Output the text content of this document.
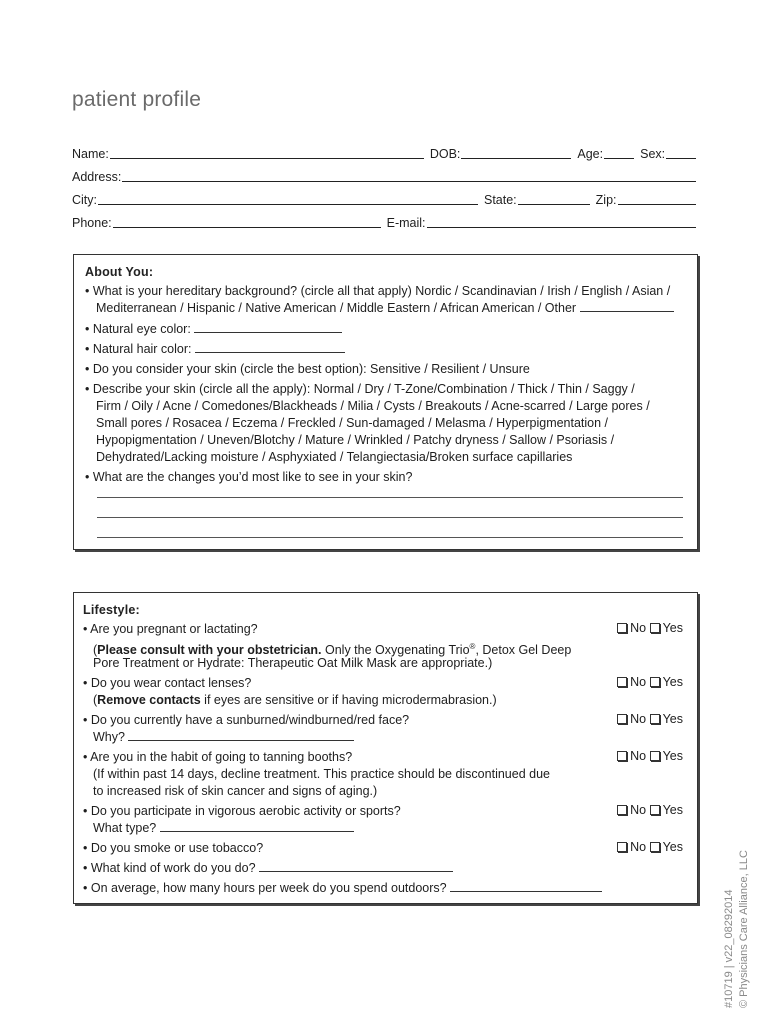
patient profile
Name:	DOB:	Age:	Sex:
Address:
City:	State:	Zip:
Phone:	E-mail:
About You:
• What is your hereditary background? (circle all that apply) Nordic / Scandinavian / Irish / English / Asian /
Mediterranean / Hispanic / Native American / Middle Eastern / African American / Other
• Natural eye color:
• Natural hair color:
• Do you consider your skin (circle the best option): Sensitive / Resilient / Unsure
• Describe your skin (circle all the apply): Normal / Dry / T-Zone/Combination / Thick / Thin / Saggy /
Firm / Oily / Acne / Comedones/Blackheads / Milia / Cysts / Breakouts / Acne-scarred / Large pores /
Small pores / Rosacea / Eczema / Freckled / Sun-damaged / Melasma / Hyperpigmentation /
Hypopigmentation / Uneven/Blotchy / Mature / Wrinkled / Patchy dryness / Sallow / Psoriasis /
Dehydrated/Lacking moisture / Asphyxiated / Telangiectasia/Broken surface capillaries
• What are the changes you’d most like to see in your skin?
Lifestyle:
• Are you pregnant or lactating?	No Yes
(Please consult with your obstetrician. Only the Oxygenating Trio®, Detox Gel Deep
Pore Treatment or Hydrate: Therapeutic Oat Milk Mask are appropriate.)
• Do you wear contact lenses?	No Yes
(Remove contacts if eyes are sensitive or if having microdermabrasion.)
• Do you currently have a sunburned/windburned/red face?	No Yes
Why?
• Are you in the habit of going to tanning booths?	No Yes
(If within past 14 days, decline treatment. This practice should be discontinued due
to increased risk of skin cancer and signs of aging.)
• Do you participate in vigorous aerobic activity or sports?	No Yes
What type?
• Do you smoke or use tobacco?	No Yes
• What kind of work do you do?
• On average, how many hours per week do you spend outdoors?
#10719 | v22_08292014 © Physicians Care Alliance, LLC
